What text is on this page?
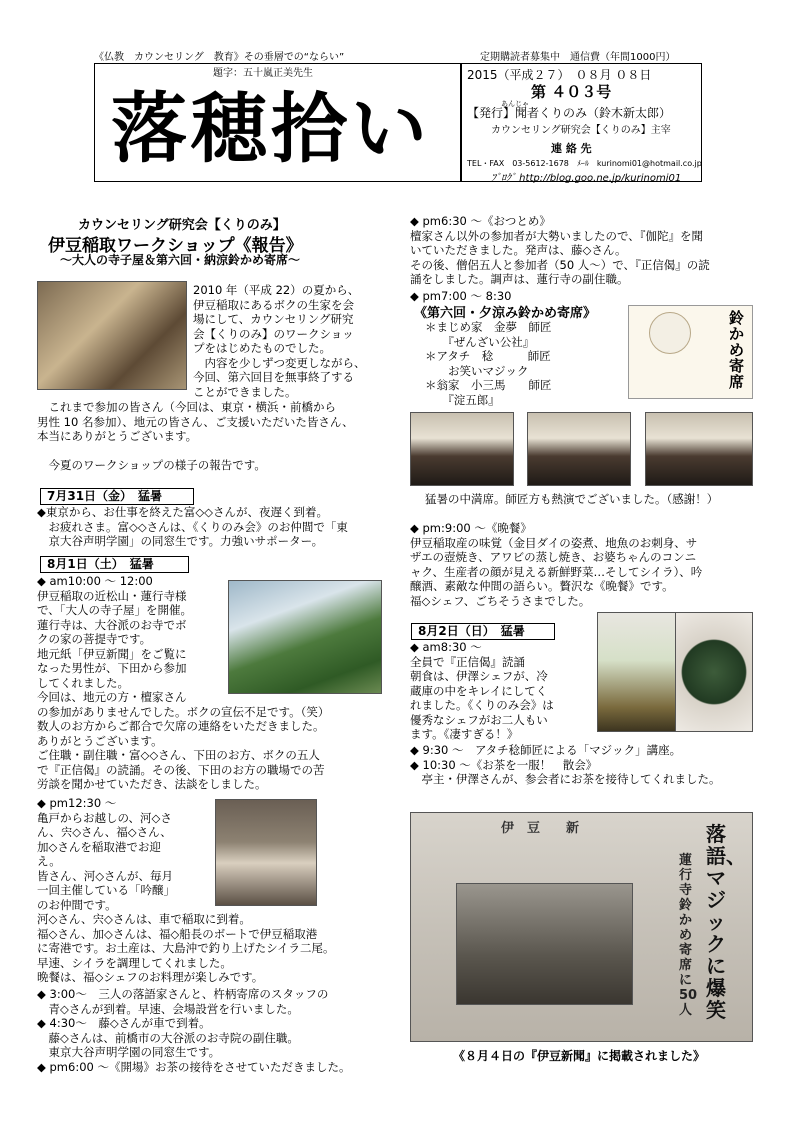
《仏教　カウンセリング　教育》その垂層での“ならい”	定期購読者募集中　通信費（年間1000円）
題字：五十嵐正美先生
落穂拾い
2015（平成２７）　０８月 ０８日
第 ４０３号
あんじゃ
【発行】聞者くりのみ（鈴木新太郎）
カウンセリング研究会【くりのみ】主宰
連 絡 先
TEL・FAX　03-5612-1678　ﾒｰﾙ　kurinomi01@hotmail.co.jp
ﾌﾞﾛｸﾞ http://blog.goo.ne.jp/kurinomi01
カウンセリング研究会【くりのみ】
伊豆稲取ワークショップ《報告》
～大人の寺子屋＆第六回・納涼鈴かめ寄席～
2010 年（平成 22）の夏から、
伊豆稲取にあるボクの生家を会
場にして、カウンセリング研究
会【くりのみ】のワークショッ
プをはじめたものでした。
　内容を少しずつ変更しながら、
今回、第六回目を無事終了する
ことができました。
　これまで参加の皆さん（今回は、東京・横浜・前橋から
男性 10 名参加）、地元の皆さん、ご支援いただいた皆さん、
本当にありがとうございます。
　今夏のワークショップの様子の報告です。
7月31日（金）　猛暑
◆東京から、お仕事を終えた富◇◇さんが、夜遅く到着。
　お疲れさま。富◇◇さんは、《くりのみ会》のお仲間で「東
　京大谷声明学園」の同窓生です。力強いサポーター。
8月1日（土）　猛暑
◆ am10:00 ～ 12:00
伊豆稲取の近松山・蓮行寺様
で、「大人の寺子屋」を開催。
蓮行寺は、大谷派のお寺でボ
クの家の菩提寺です。
地元紙「伊豆新聞」をご覧に
なった男性が、下田から参加
してくれました。
今回は、地元の方・檀家さん
の参加がありませんでした。ボクの宣伝不足です。（笑）
数人のお方からご都合で欠席の連絡をいただきました。
ありがとうございます。
ご住職・副住職・富◇◇さん、下田のお方、ボクの五人
で『正信偈』の読誦。その後、下田のお方の職場での苦
労談を聞かせていただき、法談をしました。
◆ pm12:30 ～
亀戸からお越しの、河◇さ
ん、宍◇さん、福◇さん、
加◇さんを稲取港でお迎
え。
皆さん、河◇さんが、毎月
一回主催している「吟醸」
のお仲間です。
河◇さん、宍◇さんは、車で稲取に到着。
福◇さん、加◇さんは、福◇船長のボートで伊豆稲取港
に寄港です。お土産は、大島沖で釣り上げたシイラ二尾。
早速、シイラを調理してくれました。
晩餐は、福◇シェフのお料理が楽しみです。
◆ 3:00～　三人の落語家さんと、杵柄寄席のスタッフの
　青◇さんが到着。早速、会場設営を行いました。
◆ 4:30～　藤◇さんが車で到着。
　藤◇さんは、前橋市の大谷派のお寺院の副住職。
　東京大谷声明学園の同窓生です。
◆ pm6:00 ～《開場》お茶の接待をさせていただきました。
◆ pm6:30 ～《おつとめ》
檀家さん以外の参加者が大勢いましたので、『伽陀』を聞
いていただきました。発声は、藤◇さん。
その後、僧侶五人と参加者（50 人～）で、『正信偈』の読
誦をしました。調声は、蓮行寺の副住職。
◆ pm7:00 ～ 8:30
《第六回・夕涼み鈴かめ寄席》
＊まじめ家　金夢　師匠
　　『ぜんざい公社』
＊アタチ　稔　　　師匠
　　お笑いマジック
＊翁家　小三馬　　師匠
　　『淀五郎』
鈴かめ寄席
猛暑の中満席。師匠方も熱演でございました。（感謝！）
◆ pm:9:00 ～《晩餐》
伊豆稲取産の味覚（金目ダイの姿煮、地魚のお刺身、サ
ザエの壺焼き、アワビの蒸し焼き、お婆ちゃんのコンニ
ャク、生産者の顔が見える新鮮野菜…そしてシイラ）、吟
醸酒、素敵な仲間の語らい。贅沢な《晩餐》です。
福◇シェフ、ごちそうさまでした。
8月2日（日）　猛暑
◆ am8:30 ～
全員で『正信偈』読誦
朝食は、伊澤シェフが、冷
蔵庫の中をキレイにしてく
れました。《くりのみ会》は
優秀なシェフがお二人もい
ます。《凄すぎる！》
◆ 9:30 ～　アタチ稔師匠による「マジック」講座。
◆ 10:30 ～《お茶を一服！　散会》
　亭主・伊澤さんが、参会者にお茶を接待してくれました。
伊　豆　　新	落語、マジックに爆笑
蓮行寺鈴かめ寄席に50人
《８月４日の『伊豆新聞』に掲載されました》
